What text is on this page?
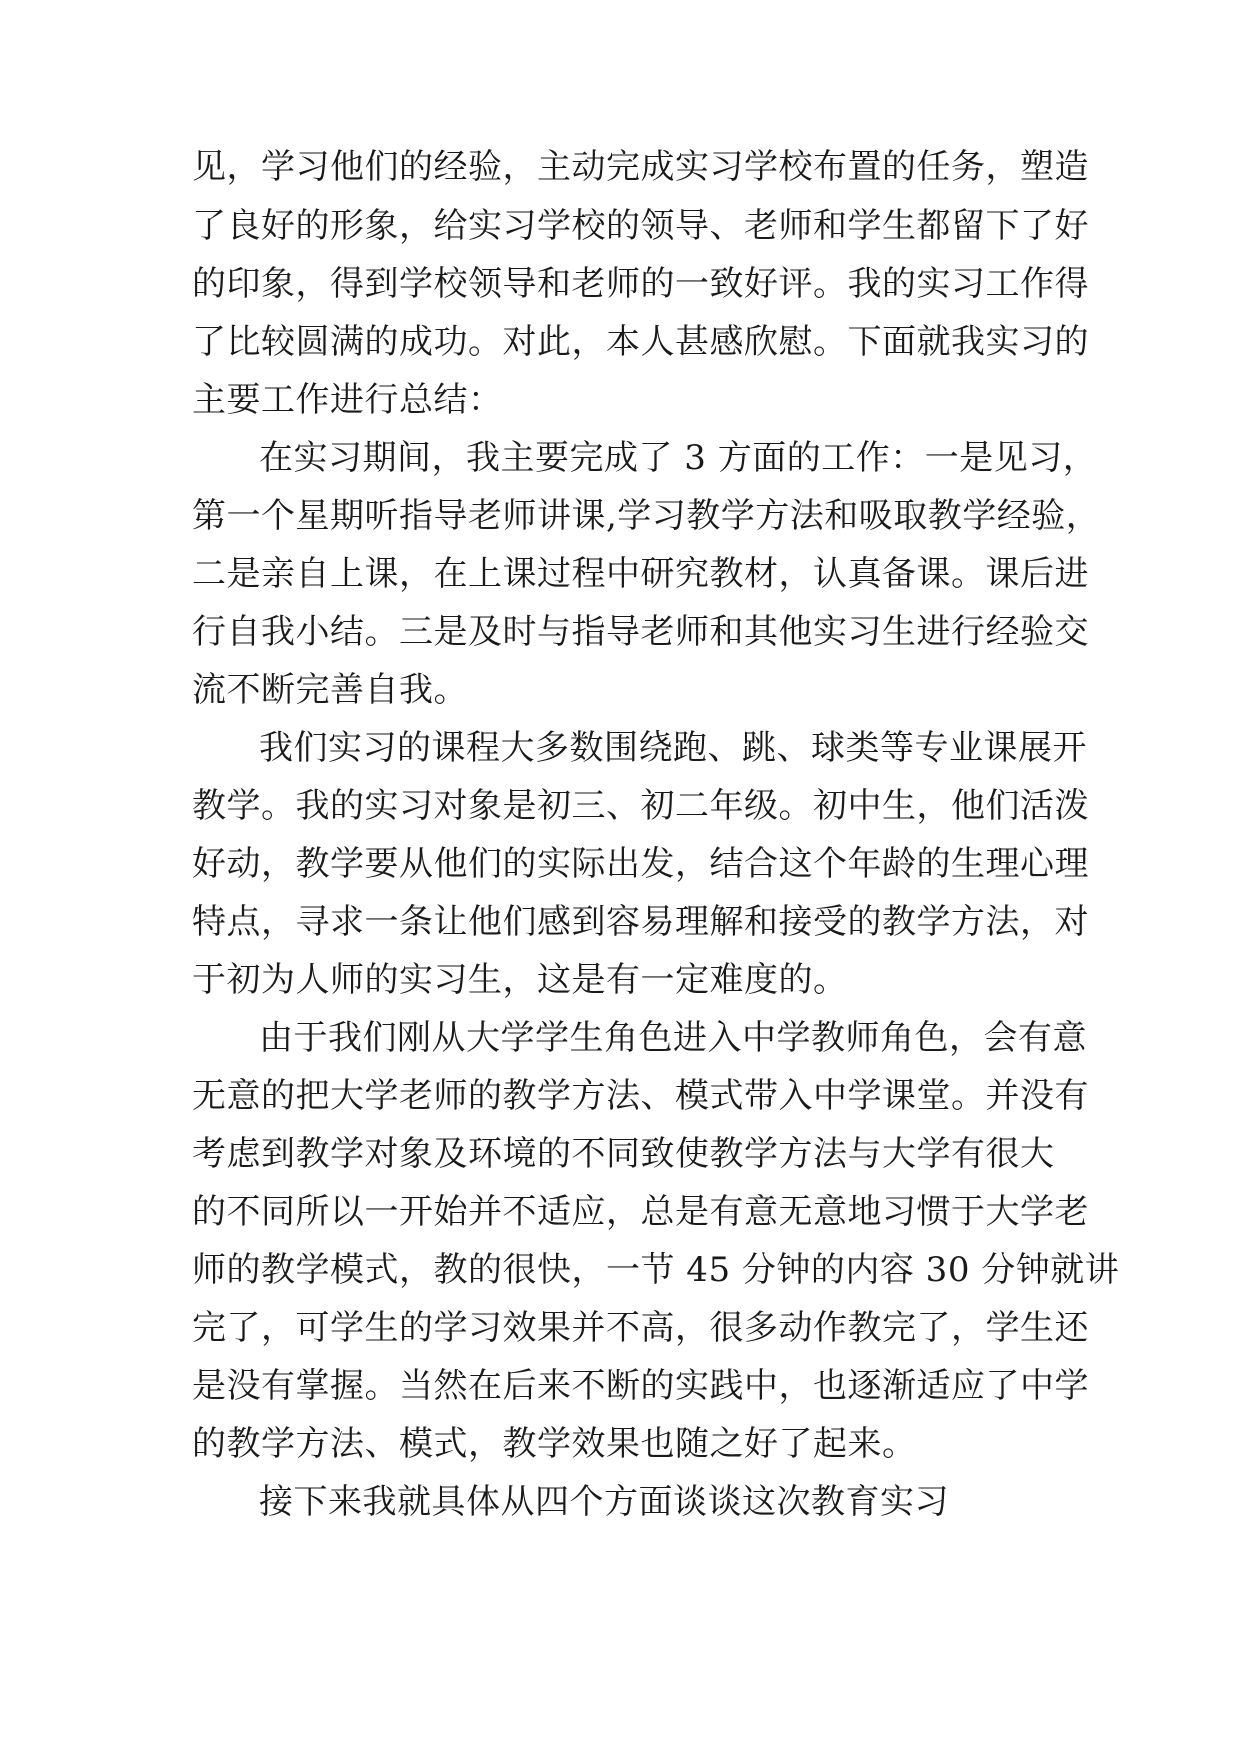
见，学习他们的经验，主动完成实习学校布置的任务，塑造
了良好的形象，给实习学校的领导、老师和学生都留下了好
的印象，得到学校领导和老师的一致好评。我的实习工作得
了比较圆满的成功。对此，本人甚感欣慰。下面就我实习的
主要工作进行总结：
在实习期间，我主要完成了 3 方面的工作：一是见习，
第一个星期听指导老师讲课,学习教学方法和吸取教学经验，
二是亲自上课，在上课过程中研究教材，认真备课。课后进
行自我小结。三是及时与指导老师和其他实习生进行经验交
流不断完善自我。
我们实习的课程大多数围绕跑、跳、球类等专业课展开
教学。我的实习对象是初三、初二年级。初中生，他们活泼
好动，教学要从他们的实际出发，结合这个年龄的生理心理
特点，寻求一条让他们感到容易理解和接受的教学方法，对
于初为人师的实习生，这是有一定难度的。
由于我们刚从大学学生角色进入中学教师角色，会有意
无意的把大学老师的教学方法、模式带入中学课堂。并没有
考虑到教学对象及环境的不同致使教学方法与大学有很大
的不同所以一开始并不适应，总是有意无意地习惯于大学老
师的教学模式，教的很快，一节 45 分钟的内容 30 分钟就讲
完了，可学生的学习效果并不高，很多动作教完了，学生还
是没有掌握。当然在后来不断的实践中，也逐渐适应了中学
的教学方法、模式，教学效果也随之好了起来。
接下来我就具体从四个方面谈谈这次教育实习
